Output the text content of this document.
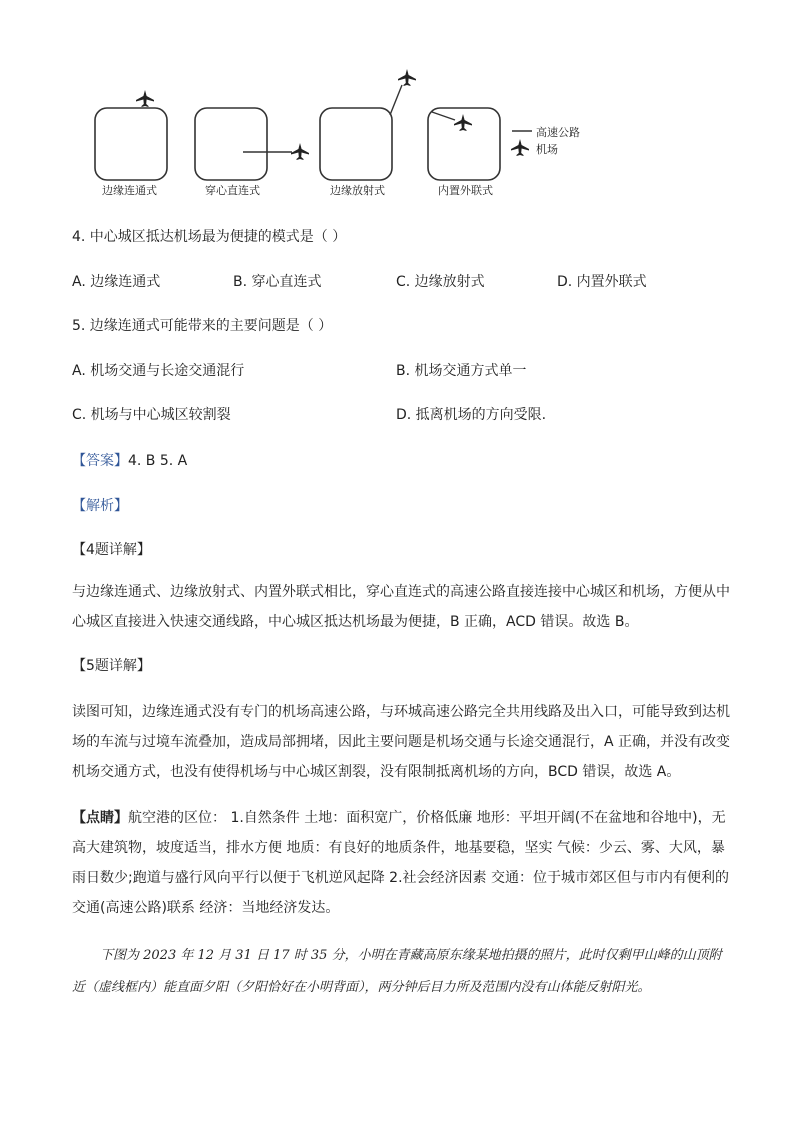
边缘连通式	穿心直连式	边缘放射式	内置外联式
高速公路
机场
4. 中心城区抵达机场最为便捷的模式是（ ）
A. 边缘连通式	B. 穿心直连式	C. 边缘放射式	D. 内置外联式
5. 边缘连通式可能带来的主要问题是（ ）
A. 机场交通与长途交通混行	B. 机场交通方式单一
C. 机场与中心城区较割裂	D. 抵离机场的方向受限.
【答案】4. B 5. A
【解析】
【4题详解】
与边缘连通式、边缘放射式、内置外联式相比，穿心直连式的高速公路直接连接中心城区和机场，方便从中心城区直接进入快速交通线路，中心城区抵达机场最为便捷，B 正确，ACD 错误。故选 B。
【5题详解】
读图可知，边缘连通式没有专门的机场高速公路，与环城高速公路完全共用线路及出入口，可能导致到达机场的车流与过境车流叠加，造成局部拥堵，因此主要问题是机场交通与长途交通混行，A 正确，并没有改变机场交通方式，也没有使得机场与中心城区割裂，没有限制抵离机场的方向，BCD 错误，故选 A。
【点睛】航空港的区位： 1.自然条件 土地：面积宽广，价格低廉 地形：平坦开阔(不在盆地和谷地中)，无高大建筑物，坡度适当，排水方便 地质：有良好的地质条件，地基要稳，坚实 气候：少云、雾、大风，暴雨日数少;跑道与盛行风向平行以便于飞机逆风起降 2.社会经济因素 交通：位于城市郊区但与市内有便利的交通(高速公路)联系 经济：当地经济发达。
下图为 2023 年 12 月 31 日 17 时 35 分，小明在青藏高原东缘某地拍摄的照片，此时仅剩甲山峰的山顶附近（虚线框内）能直面夕阳（夕阳恰好在小明背面），两分钟后目力所及范围内没有山体能反射阳光。
